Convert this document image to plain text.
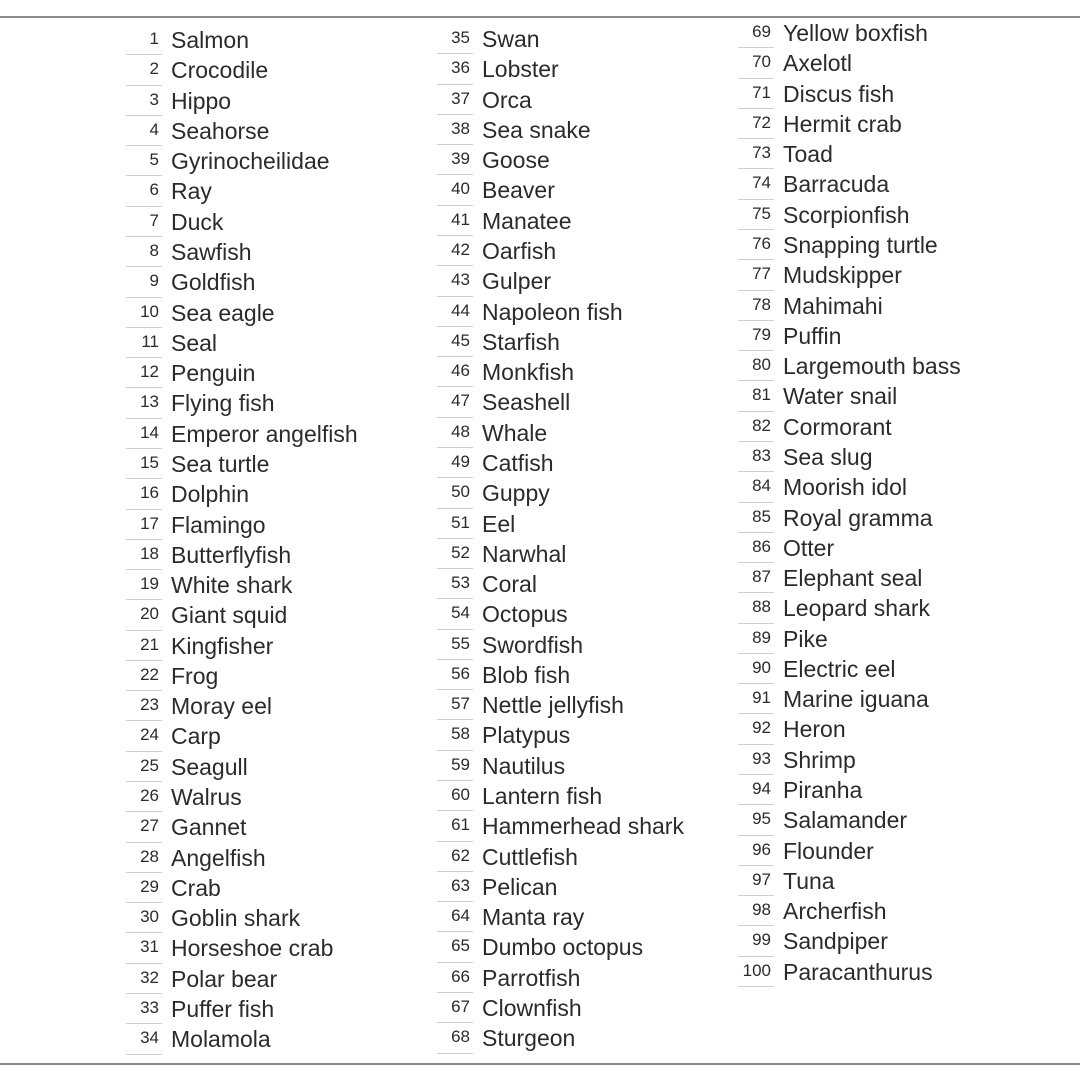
1 Salmon
2 Crocodile
3 Hippo
4 Seahorse
5 Gyrinocheilidae
6 Ray
7 Duck
8 Sawfish
9 Goldfish
10 Sea eagle
11 Seal
12 Penguin
13 Flying fish
14 Emperor angelfish
15 Sea turtle
16 Dolphin
17 Flamingo
18 Butterflyfish
19 White shark
20 Giant squid
21 Kingfisher
22 Frog
23 Moray eel
24 Carp
25 Seagull
26 Walrus
27 Gannet
28 Angelfish
29 Crab
30 Goblin shark
31 Horseshoe crab
32 Polar bear
33 Puffer fish
34 Molamola
35 Swan
36 Lobster
37 Orca
38 Sea snake
39 Goose
40 Beaver
41 Manatee
42 Oarfish
43 Gulper
44 Napoleon fish
45 Starfish
46 Monkfish
47 Seashell
48 Whale
49 Catfish
50 Guppy
51 Eel
52 Narwhal
53 Coral
54 Octopus
55 Swordfish
56 Blob fish
57 Nettle jellyfish
58 Platypus
59 Nautilus
60 Lantern fish
61 Hammerhead shark
62 Cuttlefish
63 Pelican
64 Manta ray
65 Dumbo octopus
66 Parrotfish
67 Clownfish
68 Sturgeon
69 Yellow boxfish
70 Axelotl
71 Discus fish
72 Hermit crab
73 Toad
74 Barracuda
75 Scorpionfish
76 Snapping turtle
77 Mudskipper
78 Mahimahi
79 Puffin
80 Largemouth bass
81 Water snail
82 Cormorant
83 Sea slug
84 Moorish idol
85 Royal gramma
86 Otter
87 Elephant seal
88 Leopard shark
89 Pike
90 Electric eel
91 Marine iguana
92 Heron
93 Shrimp
94 Piranha
95 Salamander
96 Flounder
97 Tuna
98 Archerfish
99 Sandpiper
100 Paracanthurus
